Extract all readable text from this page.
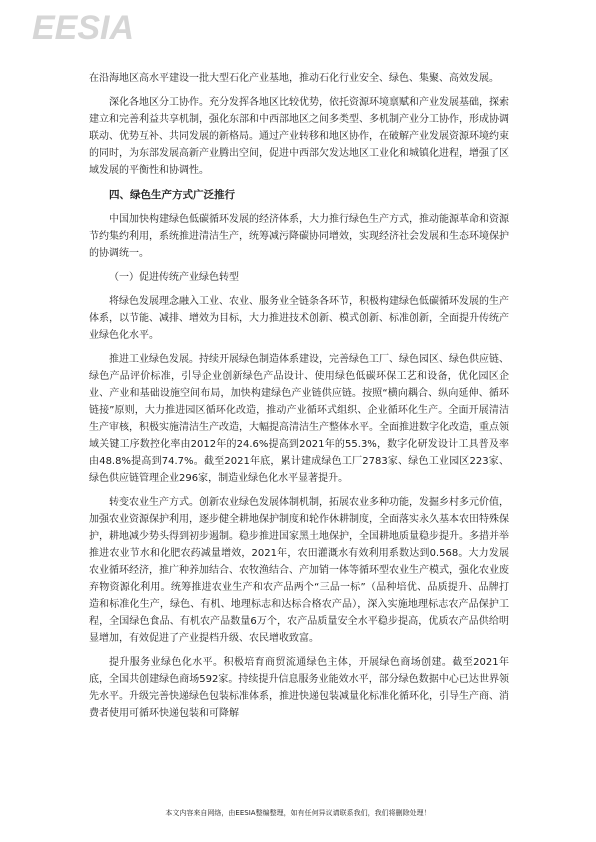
EESIA

在沿海地区高水平建设一批大型石化产业基地，推动石化行业安全、绿色、集聚、高效发展。

深化各地区分工协作。充分发挥各地区比较优势，依托资源环境禀赋和产业发展基础，探索建立和完善利益共享机制，强化东部和中西部地区之间多类型、多机制产业分工协作，形成协调联动、优势互补、共同发展的新格局。通过产业转移和地区协作，在破解产业发展资源环境约束的同时，为东部发展高新产业腾出空间，促进中西部欠发达地区工业化和城镇化进程，增强了区域发展的平衡性和协调性。

四、绿色生产方式广泛推行

中国加快构建绿色低碳循环发展的经济体系，大力推行绿色生产方式，推动能源革命和资源节约集约利用，系统推进清洁生产，统筹减污降碳协同增效，实现经济社会发展和生态环境保护的协调统一。

（一）促进传统产业绿色转型

将绿色发展理念融入工业、农业、服务业全链条各环节，积极构建绿色低碳循环发展的生产体系，以节能、减排、增效为目标，大力推进技术创新、模式创新、标准创新，全面提升传统产业绿色化水平。

推进工业绿色发展。持续开展绿色制造体系建设，完善绿色工厂、绿色园区、绿色供应链、绿色产品评价标准，引导企业创新绿色产品设计、使用绿色低碳环保工艺和设备，优化园区企业、产业和基础设施空间布局，加快构建绿色产业链供应链。按照“横向耦合、纵向延伸、循环链接”原则，大力推进园区循环化改造，推动产业循环式组织、企业循环化生产。全面开展清洁生产审核，积极实施清洁生产改造，大幅提高清洁生产整体水平。全面推进数字化改造，重点领域关键工序数控化率由2012年的24.6%提高到2021年的55.3%，数字化研发设计工具普及率由48.8%提高到74.7%。截至2021年底，累计建成绿色工厂2783家、绿色工业园区223家、绿色供应链管理企业296家，制造业绿色化水平显著提升。

转变农业生产方式。创新农业绿色发展体制机制，拓展农业多种功能，发掘乡村多元价值，加强农业资源保护利用，逐步健全耕地保护制度和轮作休耕制度，全面落实永久基本农田特殊保护，耕地减少势头得到初步遏制。稳步推进国家黑土地保护，全国耕地质量稳步提升。多措并举推进农业节水和化肥农药减量增效，2021年，农田灌溉水有效利用系数达到0.568。大力发展农业循环经济，推广种养加结合、农牧渔结合、产加销一体等循环型农业生产模式，强化农业废弃物资源化利用。统筹推进农业生产和农产品两个“三品一标”（品种培优、品质提升、品牌打造和标准化生产，绿色、有机、地理标志和达标合格农产品），深入实施地理标志农产品保护工程，全国绿色食品、有机农产品数量6万个，农产品质量安全水平稳步提高，优质农产品供给明显增加，有效促进了产业提档升级、农民增收致富。

提升服务业绿色化水平。积极培育商贸流通绿色主体，开展绿色商场创建。截至2021年底，全国共创建绿色商场592家。持续提升信息服务业能效水平，部分绿色数据中心已达世界领先水平。升级完善快递绿色包装标准体系，推进快递包装减量化标准化循环化，引导生产商、消费者使用可循环快递包装和可降解

本文内容来自网络，由EESIA整编整理，如有任何异议请联系我们，我们将删除处理！
